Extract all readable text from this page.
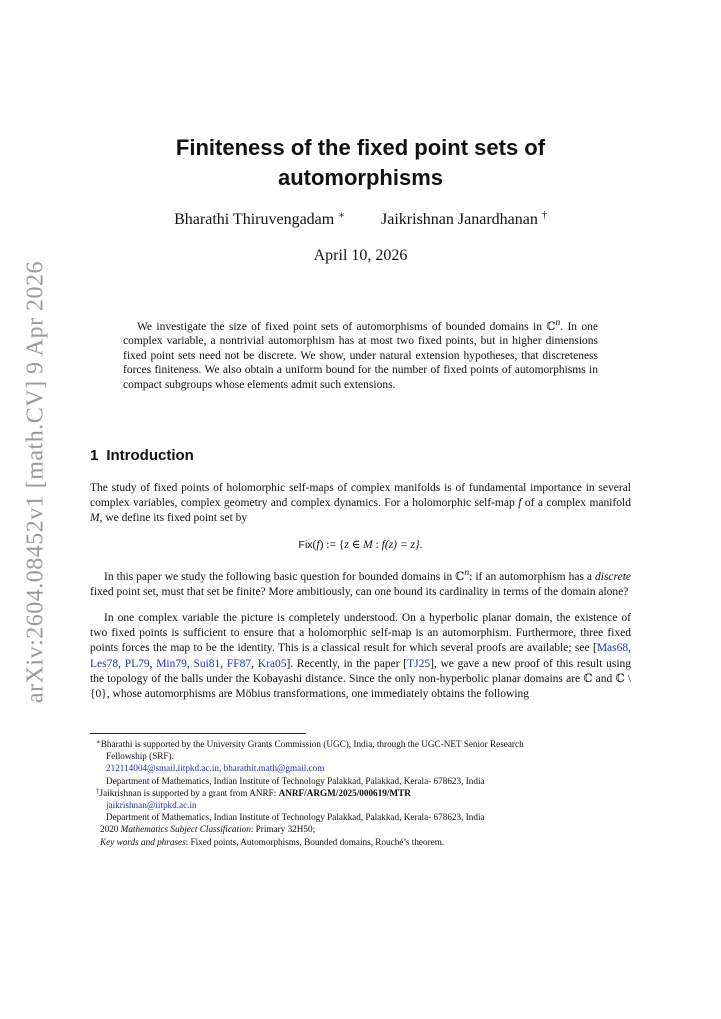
arXiv:2604.08452v1 [math.CV] 9 Apr 2026
Finiteness of the fixed point sets of
automorphisms
Bharathi Thiruvengadam ∗ Jaikrishnan Janardhanan †
April 10, 2026

We investigate the size of fixed point sets of automorphisms of bounded domains in ℂ$^n$. In one complex variable, a nontrivial automorphism has at most two fixed points, but in higher dimensions fixed point sets need not be discrete. We show, under natural extension hypotheses, that discreteness forces finiteness. We also obtain a uniform bound for the number of fixed points of automorphisms in compact subgroups whose elements admit such extensions.

1 Introduction

The study of fixed points of holomorphic self-maps of complex manifolds is of fundamental importance in several complex variables, complex geometry and complex dynamics. For a holomorphic self-map f of a complex manifold M, we define its fixed point set by

Fix(f) := {z ∈ M : f(z) = z}.

In this paper we study the following basic question for bounded domains in ℂ$^n$: if an automorphism has a discrete fixed point set, must that set be finite? More ambitiously, can one bound its cardinality in terms of the domain alone?

In one complex variable the picture is completely understood. On a hyperbolic planar domain, the existence of two fixed points is sufficient to ensure that a holomorphic self-map is an automorphism. Furthermore, three fixed points forces the map to be the identity. This is a classical result for which several proofs are available; see [Mas68, Les78, PL79, Min79, Sui81, FF87, Kra05]. Recently, in the paper [TJ25], we gave a new proof of this result using the topology of the balls under the Kobayashi distance. Since the only non-hyperbolic planar domains are ℂ and ℂ \ {0}, whose automorphisms are Möbius transformations, one immediately obtains the following

∗Bharathi is supported by the University Grants Commission (UGC), India, through the UGC-NET Senior Research
Fellowship (SRF).

212114004@smail.iitpkd.ac.in, bharathit.math@gmail.com

Department of Mathematics, Indian Institute of Technology Palakkad, Palakkad, Kerala- 678623, India

†Jaikrishnan is supported by a grant from ANRF: ANRF/ARGM/2025/000619/MTR

jaikrishnan@iitpkd.ac.in

Department of Mathematics, Indian Institute of Technology Palakkad, Palakkad, Kerala- 678623, India

2020 Mathematics Subject Classification: Primary 32H50;

Key words and phrases: Fixed points, Automorphisms, Bounded domains, Rouché’s theorem.
